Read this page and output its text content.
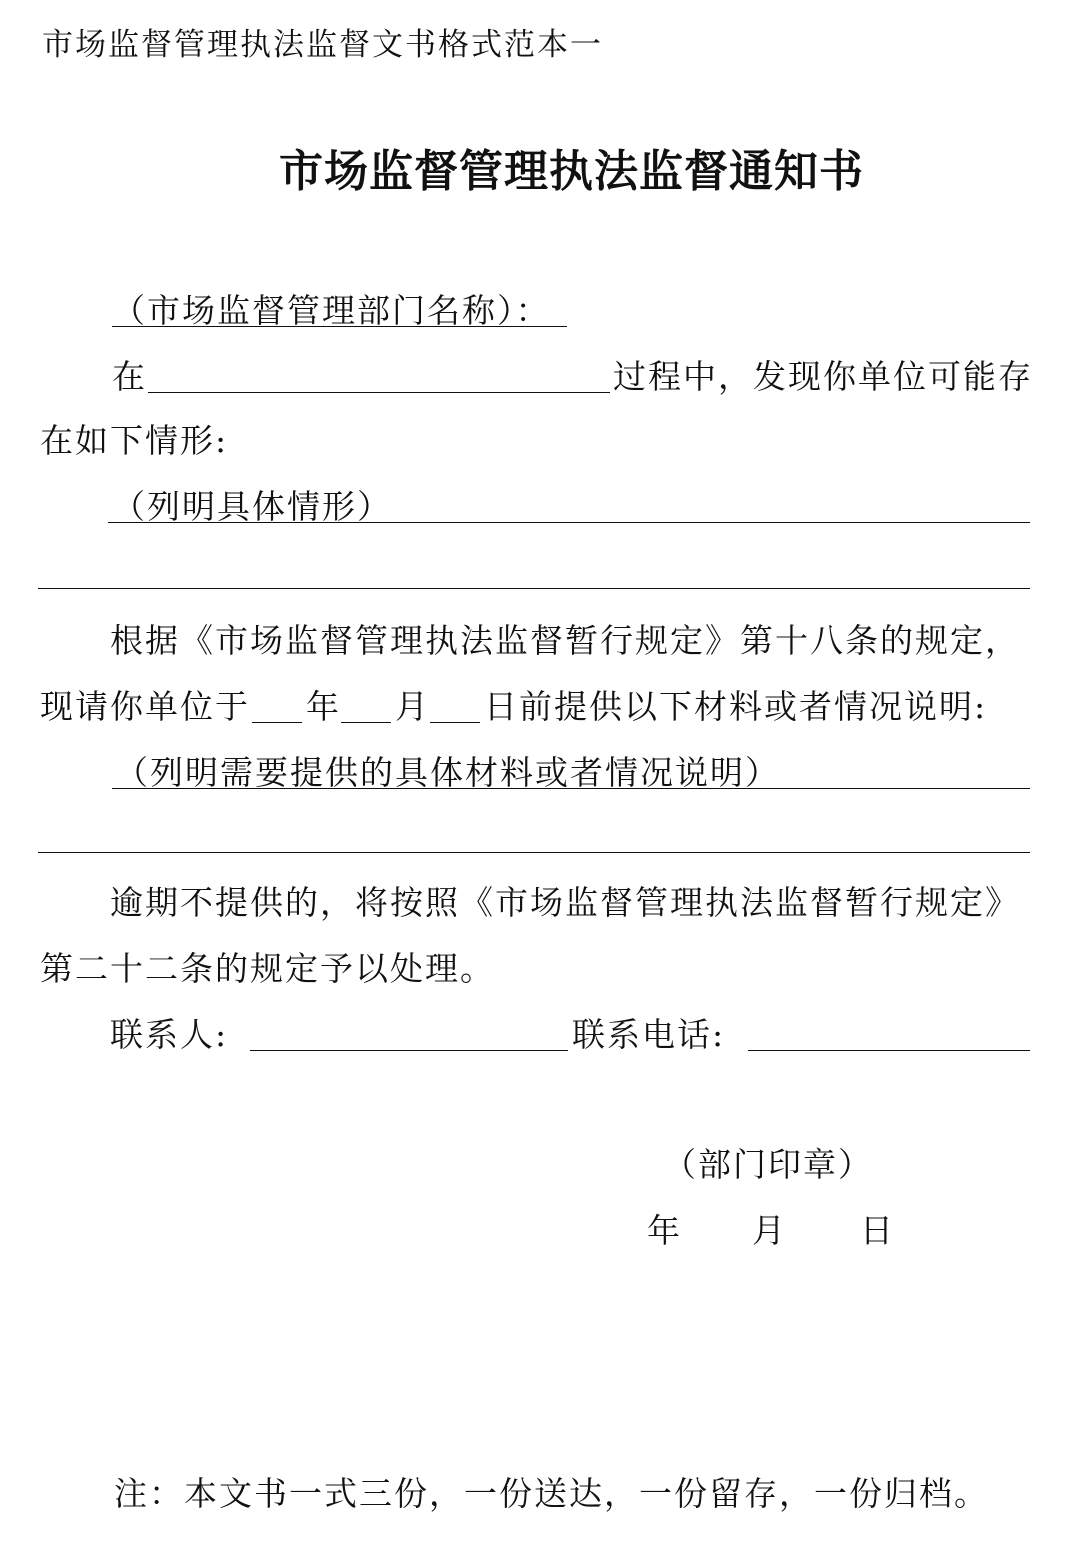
市场监督管理执法监督文书格式范本一
市场监督管理执法监督通知书
（市场监督管理部门名称）：
在	过程中，发现你单位可能存
在如下情形:
（列明具体情形）
根据《市场监督管理执法监督暂行规定》第十八条的规定，
现请你单位于 年 月 日前提供以下材料或者情况说明:
（列明需要提供的具体材料或者情况说明）
逾期不提供的，将按照《市场监督管理执法监督暂行规定》
第二十二条的规定予以处理。
联系人:	联系电话:
（部门印章）
年 月 日
注：本文书一式三份，一份送达，一份留存，一份归档。
